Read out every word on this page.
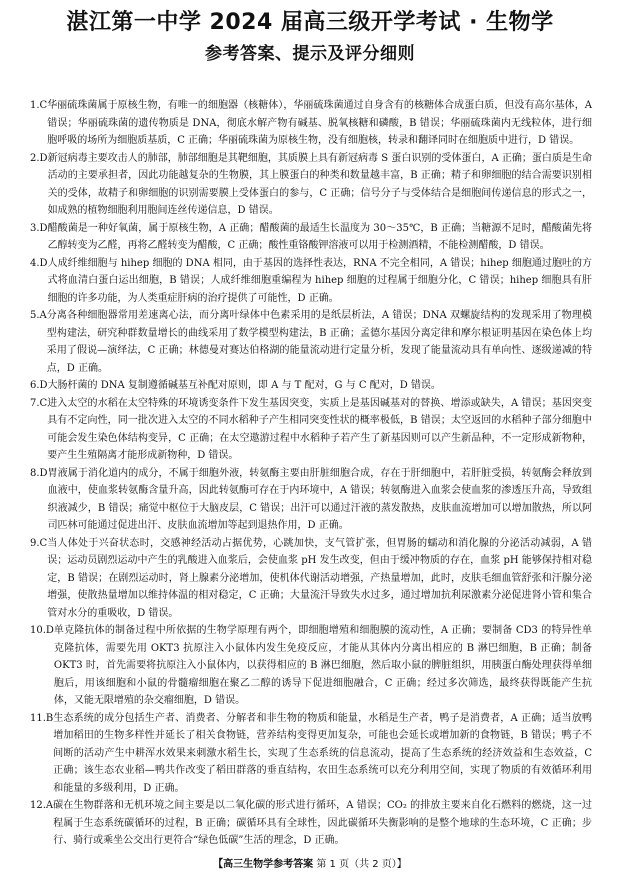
湛江第一中学 2024 届高三级开学考试 · 生物学
参考答案、提示及评分细则
1.C 华丽硫珠菌属于原核生物，有唯一的细胞器（核糖体），华丽硫珠菌通过自身含有的核糖体合成蛋白质，但没有高尔基体，A 错误；华丽硫珠菌的遗传物质是 DNA，彻底水解产物有碱基、脱氧核糖和磷酸，B 错误；华丽硫珠菌内无线粒体，进行细胞呼吸的场所为细胞质基质，C 正确；华丽硫珠菌为原核生物，没有细胞核，转录和翻译同时在细胞质中进行，D 错误。
2.D 新冠病毒主要攻击人的肺部，肺部细胞是其靶细胞，其质膜上具有新冠病毒 S 蛋白识别的受体蛋白，A 正确；蛋白质是生命活动的主要承担者，因此功能越复杂的生物膜，其上膜蛋白的种类和数量越丰富，B 正确；精子和卵细胞的结合需要识别相关的受体，故精子和卵细胞的识别需要膜上受体蛋白的参与，C 正确；信号分子与受体结合是细胞间传递信息的形式之一，如成熟的植物细胞利用胞间连丝传递信息，D 错误。
3.D 醋酸菌是一种好氧菌，属于原核生物，A 正确；醋酸菌的最适生长温度为 30～35℃，B 正确；当糖源不足时，醋酸菌先将乙醇转变为乙醛，再将乙醛转变为醋酸，C 正确；酸性重铬酸钾溶液可以用于检测酒精，不能检测醋酸，D 错误。
4.D 人成纤维细胞与 hihep 细胞的 DNA 相同，由于基因的选择性表达，RNA 不完全相同，A 错误；hihep 细胞通过胞吐的方式将血清白蛋白运出细胞，B 错误；人成纤维细胞重编程为 hihep 细胞的过程属于细胞分化，C 错误；hihep 细胞具有肝细胞的许多功能，为人类重症肝病的治疗提供了可能性，D 正确。
5.A 分离各种细胞器常用差速离心法，而分离叶绿体中色素采用的是纸层析法，A 错误；DNA 双螺旋结构的发现采用了物理模型构建法，研究种群数量增长的曲线采用了数学模型构建法，B 正确；孟德尔基因分离定律和摩尔根证明基因在染色体上均采用了假说—演绎法，C 正确；林德曼对赛达伯格湖的能量流动进行定量分析，发现了能量流动具有单向性、逐级递减的特点，D 正确。
6.D 大肠杆菌的 DNA 复制遵循碱基互补配对原则，即 A 与 T 配对，G 与 C 配对，D 错误。
7.C 进入太空的水稻在太空特殊的环境诱变条件下发生基因突变，实质上是基因碱基对的替换、增添或缺失，A 错误；基因突变具有不定向性，同一批次进入太空的不同水稻种子产生相同突变性状的概率极低，B 错误；太空返回的水稻种子部分细胞中可能会发生染色体结构变异，C 正确；在太空遨游过程中水稻种子若产生了新基因则可以产生新品种，不一定形成新物种，要产生生殖隔离才能形成新物种，D 错误。
8.D 胃液属于消化道内的成分，不属于细胞外液，转氨酶主要由肝脏细胞合成，存在于肝细胞中，若肝脏受损，转氨酶会释放到血液中，使血浆转氨酶含量升高，因此转氨酶可存在于内环境中，A 错误；转氨酶进入血浆会使血浆的渗透压升高，导致组织液减少，B 错误；痛觉中枢位于大脑皮层，C 错误；出汗可以通过汗液的蒸发散热，皮肤血流增加可以增加散热，所以阿司匹林可能通过促进出汗、皮肤血流增加等起到退热作用，D 正确。
9.C 当人体处于兴奋状态时，交感神经活动占据优势，心跳加快，支气管扩张，但胃肠的蠕动和消化腺的分泌活动减弱，A 错误；运动员剧烈运动中产生的乳酸进入血浆后，会使血浆 pH 发生改变，但由于缓冲物质的存在，血浆 pH 能够保持相对稳定，B 错误；在剧烈运动时，肾上腺素分泌增加，使机体代谢活动增强，产热量增加，此时，皮肤毛细血管舒张和汗腺分泌增强，使散热量增加以维持体温的相对稳定，C 正确；大量流汗导致失水过多，通过增加抗利尿激素分泌促进肾小管和集合管对水分的重吸收，D 错误。
10.D 单克隆抗体的制备过程中所依据的生物学原理有两个，即细胞增殖和细胞膜的流动性，A 正确；要制备 CD3 的特异性单克隆抗体，需要先用 OKT3 抗原注入小鼠体内发生免疫反应，才能从其体内分离出相应的 B 淋巴细胞，B 正确；制备 OKT3 时，首先需要将抗原注入小鼠体内，以获得相应的 B 淋巴细胞，然后取小鼠的脾脏组织，用胰蛋白酶处理获得单细胞后，用该细胞和小鼠的骨髓瘤细胞在聚乙二醇的诱导下促进细胞融合，C 正确；经过多次筛选，最终获得既能产生抗体，又能无限增殖的杂交瘤细胞，D 错误。
11.B 生态系统的成分包括生产者、消费者、分解者和非生物的物质和能量，水稻是生产者，鸭子是消费者，A 正确；适当放鸭增加稻田的生物多样性并延长了相关食物链，营养结构变得更加复杂，可能也会延长或增加新的食物链，B 错误；鸭子不间断的活动产生中耕浑水效果来刺激水稻生长，实现了生态系统的信息流动，提高了生态系统的经济效益和生态效益，C 正确；该生态农业稻—鸭共作改变了稻田群落的垂直结构，农田生态系统可以充分利用空间，实现了物质的有效循环利用和能量的多级利用，D 正确。
12.A 碳在生物群落和无机环境之间主要是以二氧化碳的形式进行循环，A 错误；CO₂ 的排放主要来自化石燃料的燃烧，这一过程属于生态系统碳循环的过程，B 正确；碳循环具有全球性，因此碳循环失衡影响的是整个地球的生态环境，C 正确；步行、骑行或乘坐公交出行更符合“绿色低碳”生活的理念，D 正确。
【高三生物学参考答案 第 1 页（共 2 页）】
